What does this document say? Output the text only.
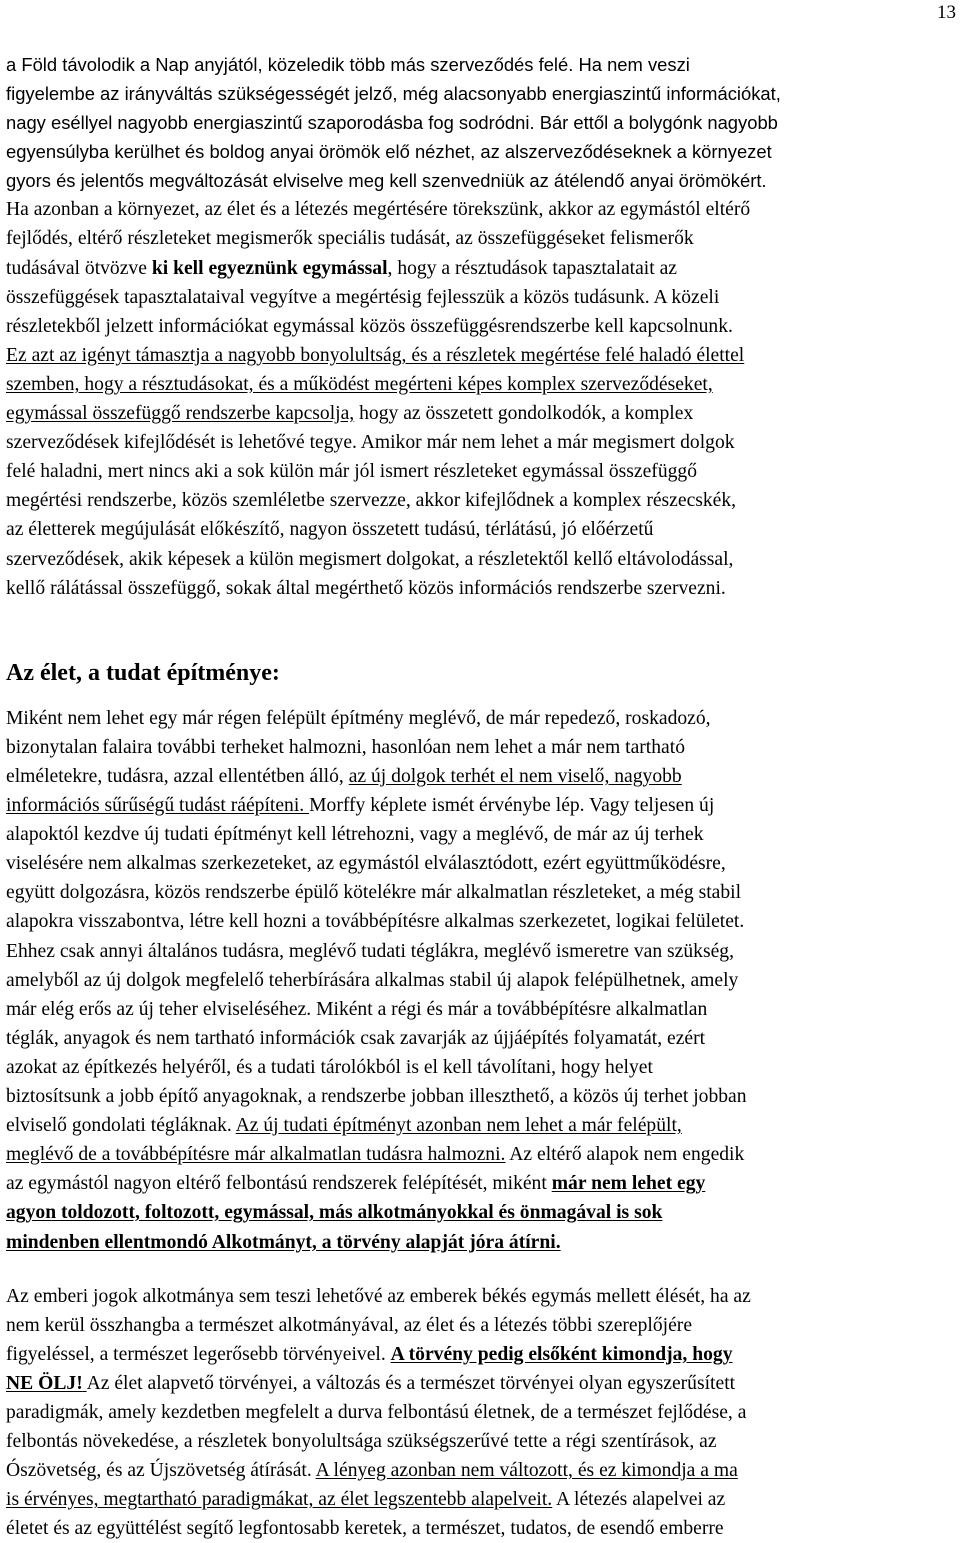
13
Az élet, a tudat építménye:
a Föld távolodik a Nap anyjától, közeledik több más szerveződés felé. Ha nem veszi
figyelembe az irányváltás szükségességét jelző, még alacsonyabb energiaszintű információkat,
nagy eséllyel nagyobb energiaszintű szaporodásba fog sodródni. Bár ettől a bolygónk nagyobb
egyensúlyba kerülhet és boldog anyai örömök elő nézhet, az alszerveződéseknek a környezet
gyors és jelentős megváltozását elviselve meg kell szenvedniük az átélendő anyai örömökért.
Ha azonban a környezet, az élet és a létezés megértésére törekszünk, akkor az egymástól eltérő
fejlődés, eltérő részleteket megismerők speciális tudását, az összefüggéseket felismerők
tudásával ötvözve ki kell egyeznünk egymással, hogy a résztudások tapasztalatait az
összefüggések tapasztalataival vegyítve a megértésig fejlesszük a közös tudásunk. A közeli
részletekből jelzett információkat egymással közös összefüggésrendszerbe kell kapcsolnunk.
Ez azt az igényt támasztja a nagyobb bonyolultság, és a részletek megértése felé haladó élettel
szemben, hogy a résztudásokat, és a működést megérteni képes komplex szerveződéseket,
egymással összefüggő rendszerbe kapcsolja, hogy az összetett gondolkodók, a komplex
szerveződések kifejlődését is lehetővé tegye. Amikor már nem lehet a már megismert dolgok
felé haladni, mert nincs aki a sok külön már jól ismert részleteket egymással összefüggő
megértési rendszerbe, közös szemléletbe szervezze, akkor kifejlődnek a komplex részecskék,
az életterek megújulását előkészítő, nagyon összetett tudású, térlátású, jó előérzetű
szerveződések, akik képesek a külön megismert dolgokat, a részletektől kellő eltávolodással,
kellő rálátással összefüggő, sokak által megérthető közös információs rendszerbe szervezni.
Miként nem lehet egy már régen felépült építmény meglévő, de már repedező, roskadozó,
bizonytalan falaira további terheket halmozni, hasonlóan nem lehet a már nem tartható
elméletekre, tudásra, azzal ellentétben álló, az új dolgok terhét el nem viselő, nagyobb
információs sűrűségű tudást ráépíteni. Morffy képlete ismét érvénybe lép. Vagy teljesen új
alapoktól kezdve új tudati építményt kell létrehozni, vagy a meglévő, de már az új terhek
viselésére nem alkalmas szerkezeteket, az egymástól elválasztódott, ezért együttműködésre,
együtt dolgozásra, közös rendszerbe épülő kötelékre már alkalmatlan részleteket, a még stabil
alapokra visszabontva, létre kell hozni a továbbépítésre alkalmas szerkezetet, logikai felületet.
Ehhez csak annyi általános tudásra, meglévő tudati téglákra, meglévő ismeretre van szükség,
amelyből az új dolgok megfelelő teherbírására alkalmas stabil új alapok felépülhetnek, amely
már elég erős az új teher elviseléséhez. Miként a régi és már a továbbépítésre alkalmatlan
téglák, anyagok és nem tartható információk csak zavarják az újjáépítés folyamatát, ezért
azokat az építkezés helyéről, és a tudati tárolókból is el kell távolítani, hogy helyet
biztosítsunk a jobb építő anyagoknak, a rendszerbe jobban illeszthető, a közös új terhet jobban
elviselő gondolati tégláknak. Az új tudati építményt azonban nem lehet a már felépült,
meglévő de a továbbépítésre már alkalmatlan tudásra halmozni. Az eltérő alapok nem engedik
az egymástól nagyon eltérő felbontású rendszerek felépítését, miként már nem lehet egy
agyon toldozott, foltozott, egymással, más alkotmányokkal és önmagával is sok
mindenben ellentmondó Alkotmányt, a törvény alapját jóra átírni.
Az emberi jogok alkotmánya sem teszi lehetővé az emberek békés egymás mellett élését, ha az
nem kerül összhangba a természet alkotmányával, az élet és a létezés többi szereplőjére
figyeléssel, a természet legerősebb törvényeivel. A törvény pedig elsőként kimondja, hogy
NE ÖLJ! Az élet alapvető törvényei, a változás és a természet törvényei olyan egyszerűsített
paradigmák, amely kezdetben megfelelt a durva felbontású életnek, de a természet fejlődése, a
felbontás növekedése, a részletek bonyolultsága szükségszerűvé tette a régi szentírások, az
Ószövetség, és az Újszövetség átírását. A lényeg azonban nem változott, és ez kimondja a ma
is érvényes, megtartható paradigmákat, az élet legszentebb alapelveit. A létezés alapelvei az
életet és az együttélést segítő legfontosabb keretek, a természet, tudatos, de esendő emberre
